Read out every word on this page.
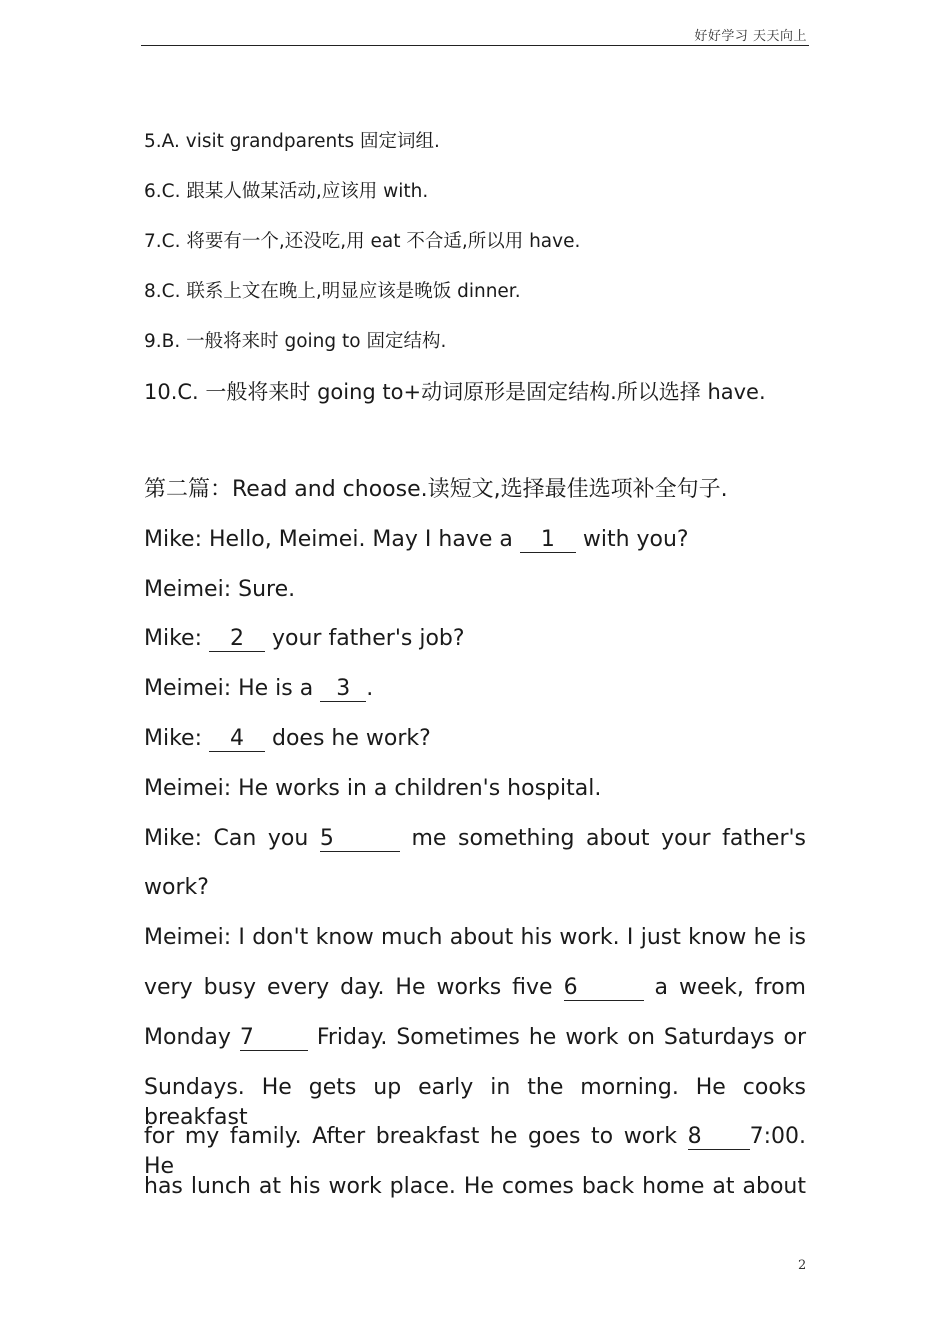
好好学习 天天向上
5.A. visit grandparents 固定词组.
6.C. 跟某人做某活动,应该用 with.
7.C. 将要有一个,还没吃,用 eat 不合适,所以用 have.
8.C. 联系上文在晚上,明显应该是晚饭 dinner.
9.B. 一般将来时 going to 固定结构.
10.C. 一般将来时 going to+动词原形是固定结构.所以选择 have.
第二篇：Read and choose.读短文,选择最佳选项补全句子.
Mike: Hello, Meimei. May I have a 1 with you?
Meimei: Sure.
Mike: 2 your father's job?
Meimei: He is a 3 .
Mike: 4 does he work?
Meimei: He works in a children's hospital.
Mike: Can you 5	me something about your father's
work?
Meimei: I don't know much about his work. I just know he is
very busy every day. He works five 6	a week, from
Monday 7	Friday. Sometimes he work on Saturdays or
Sundays. He gets up early in the morning. He cooks breakfast
for my family. After breakfast he goes to work 8 7:00. He
has lunch at his work place. He comes back home at about
2
